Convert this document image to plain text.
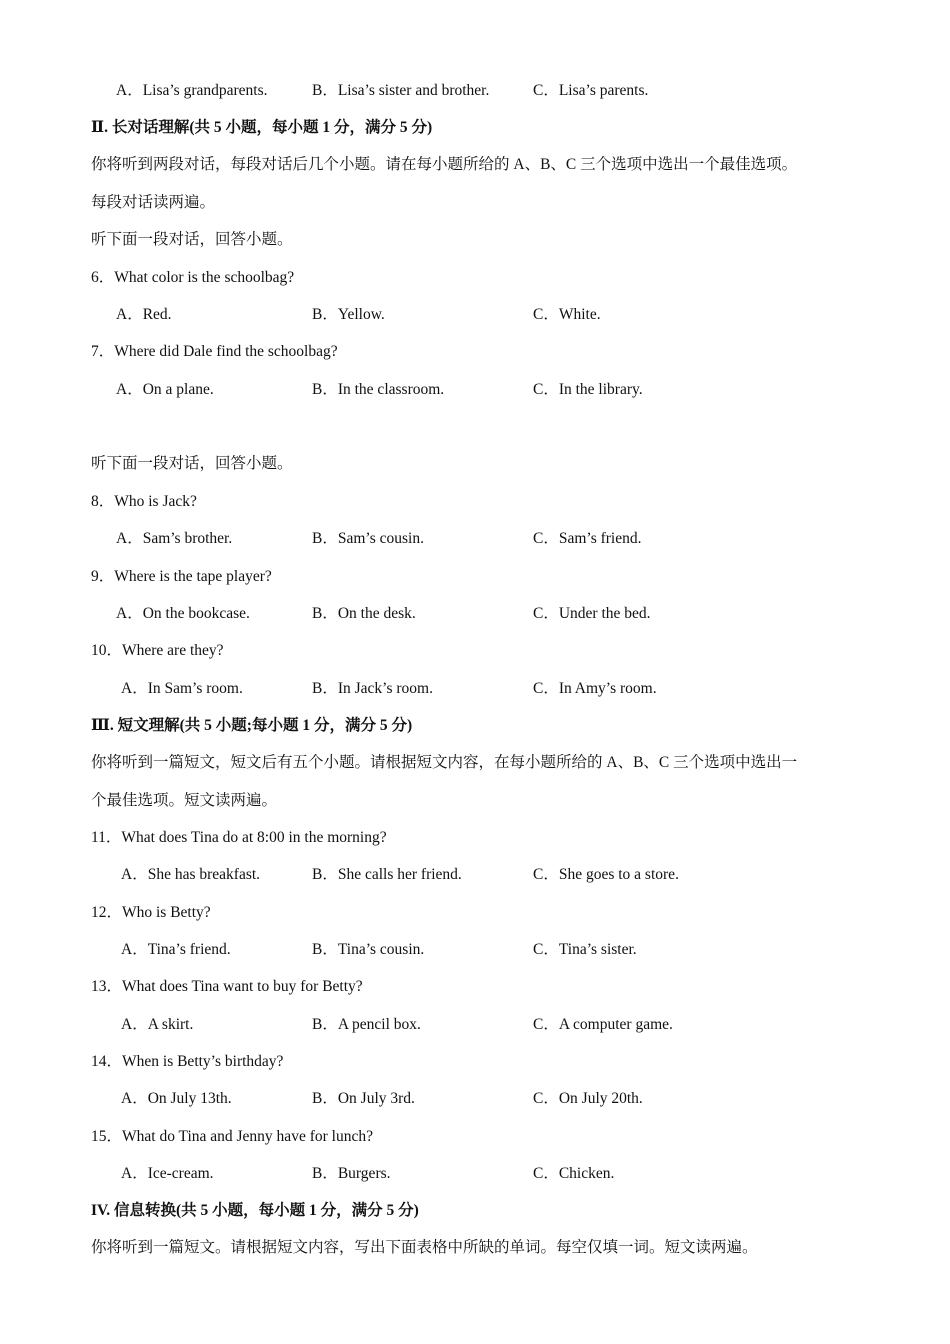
A．Lisa’s grandparents.	B．Lisa’s sister and brother.	C．Lisa’s parents.
Ⅱ. 长对话理解(共 5 小题，每小题 1 分，满分 5 分)
你将听到两段对话，每段对话后几个小题。请在每小题所给的 A、B、C 三个选项中选出一个最佳选项。
每段对话读两遍。
听下面一段对话，回答小题。
6．What color is the schoolbag?
A．Red.	B．Yellow.	C．White.
7．Where did Dale find the schoolbag?
A．On a plane.	B．In the classroom.	C．In the library.
听下面一段对话，回答小题。
8．Who is Jack?
A．Sam’s brother.	B．Sam’s cousin.	C．Sam’s friend.
9．Where is the tape player?
A．On the bookcase.	B．On the desk.	C．Under the bed.
10．Where are they?
A．In Sam’s room.	B．In Jack’s room.	C．In Amy’s room.
Ⅲ. 短文理解(共 5 小题;每小题 1 分，满分 5 分)
你将听到一篇短文，短文后有五个小题。请根据短文内容，在每小题所给的 A、B、C 三个选项中选出一
个最佳选项。短文读两遍。
11．What does Tina do at 8:00 in the morning?
A．She has breakfast.	B．She calls her friend.	C．She goes to a store.
12．Who is Betty?
A．Tina’s friend.	B．Tina’s cousin.	C．Tina’s sister.
13．What does Tina want to buy for Betty?
A．A skirt.	B．A pencil box.	C．A computer game.
14．When is Betty’s birthday?
A．On July 13th.	B．On July 3rd.	C．On July 20th.
15．What do Tina and Jenny have for lunch?
A．Ice-cream.	B．Burgers.	C．Chicken.
IV. 信息转换(共 5 小题，每小题 1 分，满分 5 分)
你将听到一篇短文。请根据短文内容，写出下面表格中所缺的单词。每空仅填一词。短文读两遍。
